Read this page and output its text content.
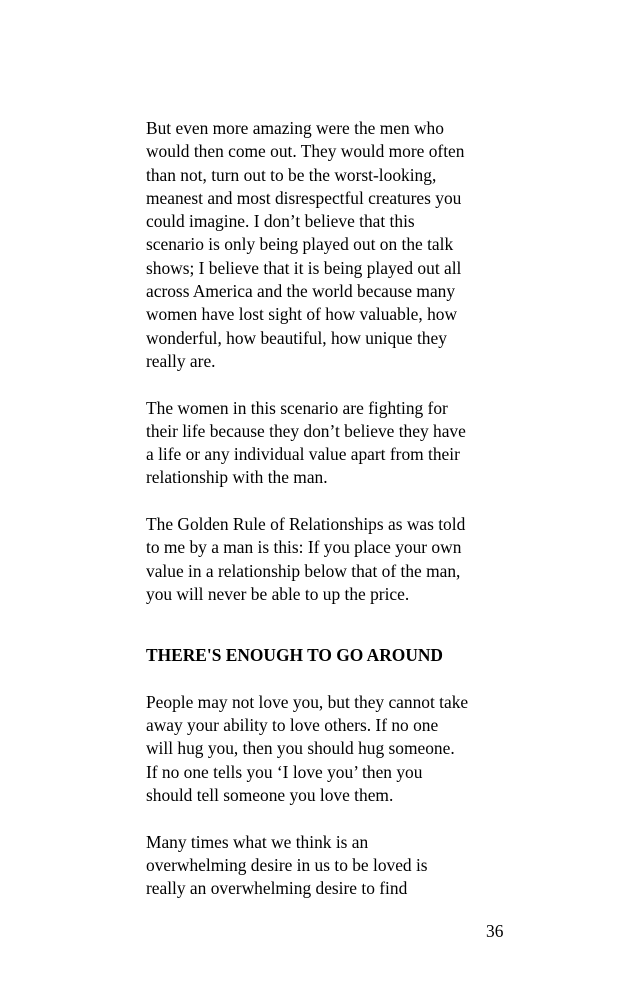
But even more amazing were the men who
would then come out. They would more often
than not, turn out to be the worst-looking,
meanest and most disrespectful creatures you
could imagine. I don’t believe that this
scenario is only being played out on the talk
shows; I believe that it is being played out all
across America and the world because many
women have lost sight of how valuable, how
wonderful, how beautiful, how unique they
really are.
The women in this scenario are fighting for
their life because they don’t believe they have
a life or any individual value apart from their
relationship with the man.
The Golden Rule of Relationships as was told
to me by a man is this: If you place your own
value in a relationship below that of the man,
you will never be able to up the price.
THERE'S ENOUGH TO GO AROUND
People may not love you, but they cannot take
away your ability to love others. If no one
will hug you, then you should hug someone.
If no one tells you ‘I love you’ then you
should tell someone you love them.
Many times what we think is an
overwhelming desire in us to be loved is
really an overwhelming desire to find
36
